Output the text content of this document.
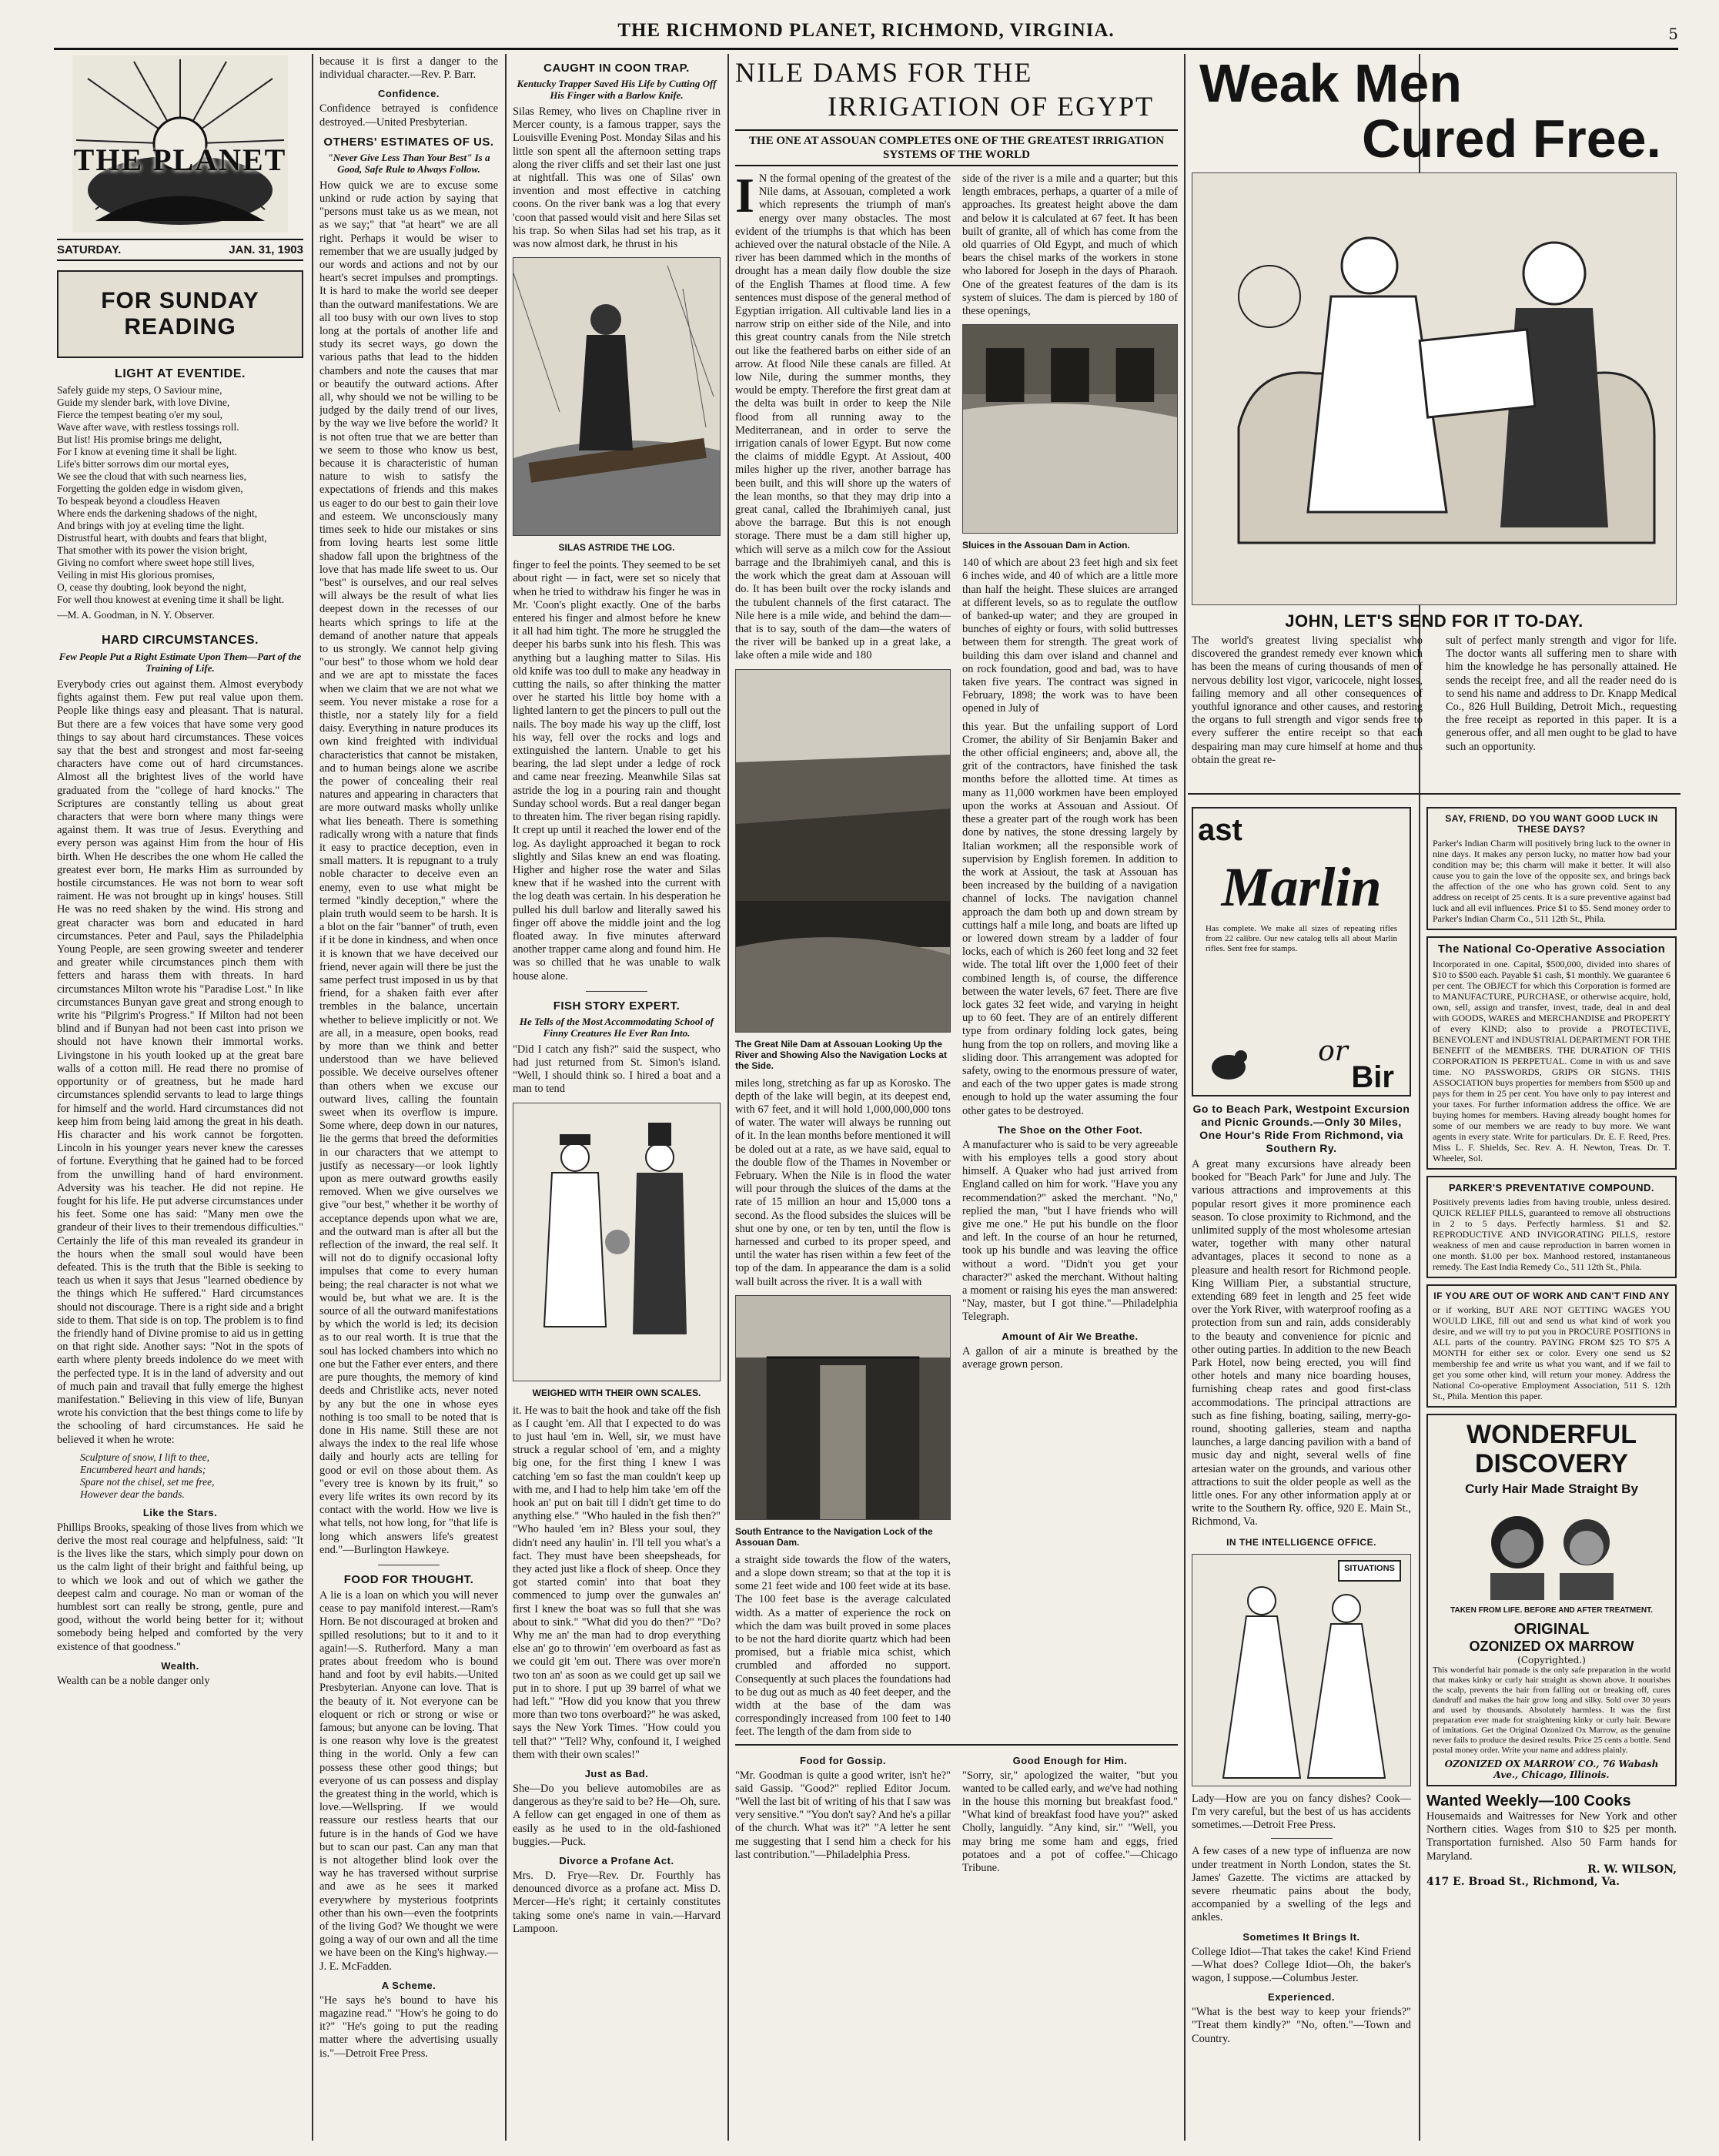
THE RICHMOND PLANET, RICHMOND, VIRGINIA.	5
THE PLANET
SATURDAY.	JAN. 31, 1903
FOR SUNDAY READING
LIGHT AT EVENTIDE.
Safely guide my steps, O Saviour mine,
Guide my slender bark, with love Divine,
Fierce the tempest beating o'er my soul,
Wave after wave, with restless tossings roll.
But list! His promise brings me delight,
For I know at evening time it shall be light.
Life's bitter sorrows dim our mortal eyes,
We see the cloud that with such nearness lies,
Forgetting the golden edge in wisdom given,
To bespeak beyond a cloudless Heaven
Where ends the darkening shadows of the night,
And brings with joy at eveling time the light.
Distrustful heart, with doubts and fears that blight,
That smother with its power the vision bright,
Giving no comfort where sweet hope still lives,
Veiling in mist His glorious promises,
O, cease thy doubting, look beyond the night,
For well thou knowest at evening time it shall be light.
—M. A. Goodman, in N. Y. Observer.
HARD CIRCUMSTANCES.
Few People Put a Right Estimate Upon Them—Part of the Training of Life.

Everybody cries out against them. Almost everybody fights against them. Few put real value upon them. People like things easy and pleasant. That is natural. But there are a few voices that have some very good things to say about hard circumstances. These voices say that the best and strongest and most far-seeing characters have come out of hard circumstances. Almost all the brightest lives of the world have graduated from the "college of hard knocks." The Scriptures are constantly telling us about great characters that were born where many things were against them. It was true of Jesus. Everything and every person was against Him from the hour of His birth. When He describes the one whom He called the greatest ever born, He marks Him as surrounded by hostile circumstances. He was not born to wear soft raiment. He was not brought up in kings' houses. Still He was no reed shaken by the wind. His strong and great character was born and educated in hard circumstances. Peter and Paul, says the Philadelphia Young People, are seen growing sweeter and tenderer and greater while circumstances pinch them with fetters and harass them with threats. In hard circumstances Milton wrote his "Paradise Lost." In like circumstances Bunyan gave great and strong enough to write his "Pilgrim's Progress." If Milton had not been blind and if Bunyan had not been cast into prison we should not have known their immortal works. Livingstone in his youth looked up at the great bare walls of a cotton mill. He read there no promise of opportunity or of greatness, but he made hard circumstances splendid servants to lead to large things for himself and the world. Hard circumstances did not keep him from being laid among the great in his death. His character and his work cannot be forgotten. Lincoln in his younger years never knew the caresses of fortune. Everything that he gained had to be forced from the unwilling hand of hard environment. Adversity was his teacher. He did not repine. He fought for his life. He put adverse circumstances under his feet. Some one has said: "Many men owe the grandeur of their lives to their tremendous difficulties." Certainly the life of this man revealed its grandeur in the hours when the small soul would have been defeated. This is the truth that the Bible is seeking to teach us when it says that Jesus "learned obedience by the things which He suffered." Hard circumstances should not discourage. There is a right side and a bright side to them. That side is on top. The problem is to find the friendly hand of Divine promise to aid us in getting on that right side. Another says: "Not in the spots of earth where plenty breeds indolence do we meet with the perfected type. It is in the land of adversity and out of much pain and travail that fully emerge the highest manifestation." Believing in this view of life, Bunyan wrote his conviction that the best things come to life by the schooling of hard circumstances. He said he believed it when he wrote:

Sculpture of snow, I lift to thee,
Encumbered heart and hands;
Spare not the chisel, set me free,
However dear the bands.
Like the Stars.

Phillips Brooks, speaking of those lives from which we derive the most real courage and helpfulness, said: "It is the lives like the stars, which simply pour down on us the calm light of their bright and faithful being, up to which we look and out of which we gather the deepest calm and courage. No man or woman of the humblest sort can really be strong, gentle, pure and good, without the world being better for it; without somebody being helped and comforted by the very existence of that goodness."

Wealth.

Wealth can be a noble danger only

because it is first a danger to the individual character.—Rev. P. Barr.

Confidence.

Confidence betrayed is confidence destroyed.—United Presbyterian.

OTHERS' ESTIMATES OF US.
"Never Give Less Than Your Best" Is a Good, Safe Rule to Always Follow.

How quick we are to excuse some unkind or rude action by saying that "persons must take us as we mean, not as we say;" that "at heart" we are all right. Perhaps it would be wiser to remember that we are usually judged by our words and actions and not by our heart's secret impulses and promptings. It is hard to make the world see deeper than the outward manifestations. We are all too busy with our own lives to stop long at the portals of another life and study its secret ways, go down the various paths that lead to the hidden chambers and note the causes that mar or beautify the outward actions. After all, why should we not be willing to be judged by the daily trend of our lives, by the way we live before the world? It is not often true that we are better than we seem to those who know us best, because it is characteristic of human nature to wish to satisfy the expectations of friends and this makes us eager to do our best to gain their love and esteem. We unconsciously many times seek to hide our mistakes or sins from loving hearts lest some little shadow fall upon the brightness of the love that has made life sweet to us. Our "best" is ourselves, and our real selves will always be the result of what lies deepest down in the recesses of our hearts which springs to life at the demand of another nature that appeals to us strongly. We cannot help giving "our best" to those whom we hold dear and we are apt to misstate the faces when we claim that we are not what we seem. You never mistake a rose for a thistle, nor a stately lily for a field daisy. Everything in nature produces its own kind freighted with individual characteristics that cannot be mistaken, and to human beings alone we ascribe the power of concealing their real natures and appearing in characters that are more outward masks wholly unlike what lies beneath. There is something radically wrong with a nature that finds it easy to practice deception, even in small matters. It is repugnant to a truly noble character to deceive even an enemy, even to use what might be termed "kindly deception," where the plain truth would seem to be harsh. It is a blot on the fair "banner" of truth, even if it be done in kindness, and when once it is known that we have deceived our friend, never again will there be just the same perfect trust imposed in us by that friend, for a shaken faith ever after trembles in the balance, uncertain whether to believe implicitly or not. We are all, in a measure, open books, read by more than we think and better understood than we have believed possible. We deceive ourselves oftener than others when we excuse our outward lives, calling the fountain sweet when its overflow is impure. Some where, deep down in our natures, lie the germs that breed the deformities in our characters that we attempt to justify as necessary—or look lightly upon as mere outward growths easily removed. When we give ourselves we give "our best," whether it be worthy of acceptance depends upon what we are, and the outward man is after all but the reflection of the inward, the real self. It will not do to dignify occasional lofty impulses that come to every human being; the real character is not what we would be, but what we are. It is the source of all the outward manifestations by which the world is led; its decision as to our real worth. It is true that the soul has locked chambers into which no one but the Father ever enters, and there are pure thoughts, the memory of kind deeds and Christlike acts, never noted by any but the one in whose eyes nothing is too small to be noted that is done in His name. Still these are not always the index to the real life whose daily and hourly acts are telling for good or evil on those about them. As "every tree is known by its fruit," so every life writes its own record by its contact with the world. How we live is what tells, not how long, for "that life is long which answers life's greatest end."—Burlington Hawkeye.

FOOD FOR THOUGHT.

A lie is a loan on which you will never cease to pay manifold interest.—Ram's Horn. Be not discouraged at broken and spilled resolutions; but to it and to it again!—S. Rutherford. Many a man prates about freedom who is bound hand and foot by evil habits.—United Presbyterian. Anyone can love. That is the beauty of it. Not everyone can be eloquent or rich or strong or wise or famous; but anyone can be loving. That is one reason why love is the greatest thing in the world. Only a few can possess these other good things; but everyone of us can possess and display the greatest thing in the world, which is love.—Wellspring. If we would reassure our restless hearts that our future is in the hands of God we have but to scan our past. Can any man that is not altogether blind look over the way he has traversed without surprise and awe as he sees it marked everywhere by mysterious footprints other than his own—even the footprints of the living God? We thought we were going a way of our own and all the time we have been on the King's highway.—J. E. McFadden.

A Scheme.

"He says he's bound to have his magazine read." "How's he going to do it?" "He's going to put the reading matter where the advertising usually is."—Detroit Free Press.

CAUGHT IN COON TRAP.
Kentucky Trapper Saved His Life by Cutting Off His Finger with a Barlow Knife.

Silas Remey, who lives on Chapline river in Mercer county, is a famous trapper, says the Louisville Evening Post. Monday Silas and his little son spent all the afternoon setting traps along the river cliffs and set their last one just at nightfall. This was one of Silas' own invention and most effective in catching coons. On the river bank was a log that every 'coon that passed would visit and here Silas set his trap. So when Silas had set his trap, as it was now almost dark, he thrust in his

SILAS ASTRIDE THE LOG.

finger to feel the points. They seemed to be set about right — in fact, were set so nicely that when he tried to withdraw his finger he was in Mr. 'Coon's plight exactly. One of the barbs entered his finger and almost before he knew it all had him tight. The more he struggled the deeper his barbs sunk into his flesh. This was anything but a laughing matter to Silas. His old knife was too dull to make any headway in cutting the nails, so after thinking the matter over he started his little boy home with a lighted lantern to get the pincers to pull out the nails. The boy made his way up the cliff, lost his way, fell over the rocks and logs and extinguished the lantern. Unable to get his bearing, the lad slept under a ledge of rock and came near freezing. Meanwhile Silas sat astride the log in a pouring rain and thought Sunday school words. But a real danger began to threaten him. The river began rising rapidly. It crept up until it reached the lower end of the log. As daylight approached it began to rock slightly and Silas knew an end was floating. Higher and higher rose the water and Silas knew that if he washed into the current with the log death was certain. In his desperation he pulled his dull barlow and literally sawed his finger off above the middle joint and the log floated away. In five minutes afterward another trapper came along and found him. He was so chilled that he was unable to walk house alone.

FISH STORY EXPERT.
He Tells of the Most Accommodating School of Finny Creatures He Ever Ran Into.

"Did I catch any fish?" said the suspect, who had just returned from St. Simon's island. "Well, I should think so. I hired a boat and a man to tend

WEIGHED WITH THEIR OWN SCALES.

it. He was to bait the hook and take off the fish as I caught 'em. All that I expected to do was to just haul 'em in. Well, sir, we must have struck a regular school of 'em, and a mighty big one, for the first thing I knew I was catching 'em so fast the man couldn't keep up with me, and I had to help him take 'em off the hook an' put on bait till I didn't get time to do anything else." "Who hauled in the fish then?" "Who hauled 'em in? Bless your soul, they didn't need any haulin' in. I'll tell you what's a fact. They must have been sheepsheads, for they acted just like a flock of sheep. Once they got started comin' into that boat they commenced to jump over the gunwales an' first I knew the boat was so full that she was about to sink." "What did you do then?" "Do? Why me an' the man had to drop everything else an' go to throwin' 'em overboard as fast as we could git 'em out. There was over more'n two ton an' as soon as we could get up sail we put in to shore. I put up 39 barrel of what we had left." "How did you know that you threw more than two tons overboard?" he was asked, says the New York Times. "How could you tell that?" "Tell? Why, confound it, I weighed them with their own scales!"

Just as Bad.

She—Do you believe automobiles are as dangerous as they're said to be? He—Oh, sure. A fellow can get engaged in one of them as easily as he used to in the old-fashioned buggies.—Puck.

Divorce a Profane Act.

Mrs. D. Frye—Rev. Dr. Fourthly has denounced divorce as a profane act. Miss D. Mercer—He's right; it certainly constitutes taking some one's name in vain.—Harvard Lampoon.

NILE DAMS FOR THE
IRRIGATION OF EGYPT
THE ONE AT ASSOUAN COMPLETES ONE OF THE GREATEST IRRIGATION SYSTEMS OF THE WORLD
I N the formal opening of the greatest of the Nile dams, at Assouan, completed a work which represents the triumph of man's energy over many obstacles. The most evident of the triumphs is that which has been achieved over the natural obstacle of the Nile. A river has been dammed which in the months of drought has a mean daily flow double the size of the English Thames at flood time. A few sentences must dispose of the general method of Egyptian irrigation. All cultivable land lies in a narrow strip on either side of the Nile, and into this great country canals from the Nile stretch out like the feathered barbs on either side of an arrow. At flood Nile these canals are filled. At low Nile, during the summer months, they would be empty. Therefore the first great dam at the delta was built in order to keep the Nile flood from all running away to the Mediterranean, and in order to serve the irrigation canals of lower Egypt. But now come the claims of middle Egypt. At Assiout, 400 miles higher up the river, another barrage has been built, and this will shore up the waters of the lean months, so that they may drip into a great canal, called the Ibrahimiyeh canal, just above the barrage. But this is not enough storage. There must be a dam still higher up, which will serve as a milch cow for the Assiout barrage and the Ibrahimiyeh canal, and this is the work which the great dam at Assouan will do. It has been built over the rocky islands and the tubulent channels of the first cataract. The Nile here is a mile wide, and behind the dam—that is to say, south of the dam—the waters of the river will be banked up in a great lake, a lake often a mile wide and 180

The Great Nile Dam at Assouan Looking Up the River and Showing Also the Navigation Locks at the Side.

miles long, stretching as far up as Korosko. The depth of the lake will begin, at its deepest end, with 67 feet, and it will hold 1,000,000,000 tons of water. The water will always be running out of it. In the lean months before mentioned it will be doled out at a rate, as we have said, equal to the double flow of the Thames in November or February. When the Nile is in flood the water will pour through the sluices of the dams at the rate of 15 million an hour and 15,000 tons a second. As the flood subsides the sluices will be shut one by one, or ten by ten, until the flow is harnessed and curbed to its proper speed, and until the water has risen within a few feet of the top of the dam. In appearance the dam is a solid wall built across the river. It is a wall with

South Entrance to the Navigation Lock of the Assouan Dam.

a straight side towards the flow of the waters, and a slope down stream; so that at the top it is some 21 feet wide and 100 feet wide at its base. The 100 feet base is the average calculated width. As a matter of experience the rock on which the dam was built proved in some places to be not the hard diorite quartz which had been promised, but a friable mica schist, which crumbled and afforded no support. Consequently at such places the foundations had to be dug out as much as 40 feet deeper, and the width at the base of the dam was correspondingly increased from 100 feet to 140 feet. The length of the dam from side to

side of the river is a mile and a quarter; but this length embraces, perhaps, a quarter of a mile of approaches. Its greatest height above the dam and below it is calculated at 67 feet. It has been built of granite, all of which has come from the old quarries of Old Egypt, and much of which bears the chisel marks of the workers in stone who labored for Joseph in the days of Pharaoh. One of the greatest features of the dam is its system of sluices. The dam is pierced by 180 of these openings,

Sluices in the Assouan Dam in Action.

140 of which are about 23 feet high and six feet 6 inches wide, and 40 of which are a little more than half the height. These sluices are arranged at different levels, so as to regulate the outflow of banked-up water; and they are grouped in bunches of eighty or fours, with solid buttresses between them for strength. The great work of building this dam over island and channel and on rock foundation, good and bad, was to have taken five years. The contract was signed in February, 1898; the work was to have been opened in July of

this year. But the unfailing support of Lord Cromer, the ability of Sir Benjamin Baker and the other official engineers; and, above all, the grit of the contractors, have finished the task months before the allotted time. At times as many as 11,000 workmen have been employed upon the works at Assouan and Assiout. Of these a greater part of the rough work has been done by natives, the stone dressing largely by Italian workmen; all the responsible work of supervision by English foremen. In addition to the work at Assiout, the task at Assouan has been increased by the building of a navigation channel of locks. The navigation channel approach the dam both up and down stream by cuttings half a mile long, and boats are lifted up or lowered down stream by a ladder of four locks, each of which is 260 feet long and 32 feet wide. The total lift over the 1,000 feet of their combined length is, of course, the difference between the water levels, 67 feet. There are five lock gates 32 feet wide, and varying in height up to 60 feet. They are of an entirely different type from ordinary folding lock gates, being hung from the top on rollers, and moving like a sliding door. This arrangement was adopted for safety, owing to the enormous pressure of water, and each of the two upper gates is made strong enough to hold up the water assuming the four other gates to be destroyed.

The Shoe on the Other Foot.

A manufacturer who is said to be very agreeable with his employes tells a good story about himself. A Quaker who had just arrived from England called on him for work. "Have you any recommendation?" asked the merchant. "No," replied the man, "but I have friends who will give me one." He put his bundle on the floor and left. In the course of an hour he returned, took up his bundle and was leaving the office without a word. "Didn't you get your character?" asked the merchant. Without halting a moment or raising his eyes the man answered: "Nay, master, but I got thine."—Philadelphia Telegraph.

Amount of Air We Breathe.

A gallon of air a minute is breathed by the average grown person.

Food for Gossip.

"Mr. Goodman is quite a good writer, isn't he?" said Gassip. "Good?" replied Editor Jocum. "Well the last bit of writing of his that I saw was very sensitive." "You don't say? And he's a pillar of the church. What was it?" "A letter he sent me suggesting that I send him a check for his last contribution."—Philadelphia Press.

Good Enough for Him.

"Sorry, sir," apologized the waiter, "but you wanted to be called early, and we've had nothing in the house this morning but breakfast food." "What kind of breakfast food have you?" asked Cholly, languidly. "Any kind, sir." "Well, you may bring me some ham and eggs, fried potatoes and a pot of coffee."—Chicago Tribune.

Weak Men
Cured Free.
JOHN, LET'S SEND FOR IT TO-DAY.

The world's greatest living specialist who discovered the grandest remedy ever known which has been the means of curing thousands of men of nervous debility lost vigor, varicocele, night losses, failing memory and all other consequences of youthful ignorance and other causes, and restoring the organs to full strength and vigor sends free to every sufferer the entire receipt so that each despairing man may cure himself at home and thus obtain the great re-

sult of perfect manly strength and vigor for life. The doctor wants all suffering men to share with him the knowledge he has personally attained. He sends the receipt free, and all the reader need do is to send his name and address to Dr. Knapp Medical Co., 826 Hull Building, Detroit Mich., requesting the free receipt as reported in this paper. It is a generous offer, and all men ought to be glad to have such an opportunity.

ast
Marlin

Has complete. We make all sizes of repeating rifles from 22 calibre. Our new catalog tells all about Marlin rifles. Sent free for stamps.

or
Bir
Go to Beach Park, Westpoint Excursion and Picnic Grounds.—Only 30 Miles, One Hour's Ride From Richmond, via Southern Ry.

A great many excursions have already been booked for "Beach Park" for June and July. The various attractions and improvements at this popular resort gives it more prominence each season. To close proximity to Richmond, and the unlimited supply of the most wholesome artesian water, together with many other natural advantages, places it second to none as a pleasure and health resort for Richmond people. King William Pier, a substantial structure, extending 689 feet in length and 25 feet wide over the York River, with waterproof roofing as a protection from sun and rain, adds considerably to the beauty and convenience for picnic and other outing parties. In addition to the new Beach Park Hotel, now being erected, you will find other hotels and many nice boarding houses, furnishing cheap rates and good first-class accommodations. The principal attractions are such as fine fishing, boating, sailing, merry-go-round, shooting galleries, steam and naptha launches, a large dancing pavilion with a band of music day and night, several wells of fine artesian water on the grounds, and various other attractions to suit the older people as well as the little ones. For any other information apply at or write to the Southern Ry. office, 920 E. Main St., Richmond, Va.

IN THE INTELLIGENCE OFFICE.
SITUATIONS

Lady—How are you on fancy dishes? Cook—I'm very careful, but the best of us has accidents sometimes.—Detroit Free Press.

A few cases of a new type of influenza are now under treatment in North London, states the St. James' Gazette. The victims are attacked by severe rheumatic pains about the body, accompanied by a swelling of the legs and ankles.

Sometimes It Brings It.

College Idiot—That takes the cake! Kind Friend—What does? College Idiot—Oh, the baker's wagon, I suppose.—Columbus Jester.

Experienced.

"What is the best way to keep your friends?" "Treat them kindly?" "No, often."—Town and Country.

SAY, FRIEND, DO YOU WANT GOOD LUCK IN THESE DAYS?

Parker's Indian Charm will positively bring luck to the owner in nine days. It makes any person lucky, no matter how bad your condition may be; this charm will make it better. It will also cause you to gain the love of the opposite sex, and brings back the affection of the one who has grown cold. Sent to any address on receipt of 25 cents. It is a sure preventive against bad luck and all evil influences. Price $1 to $5. Send money order to Parker's Indian Charm Co., 511 12th St., Phila.

The National Co-Operative Association

Incorporated in one. Capital, $500,000, divided into shares of $10 to $500 each. Payable $1 cash, $1 monthly. We guarantee 6 per cent. The OBJECT for which this Corporation is formed are to MANUFACTURE, PURCHASE, or otherwise acquire, hold, own, sell, assign and transfer, invest, trade, deal in and deal with GOODS, WARES and MERCHANDISE and PROPERTY of every KIND; also to provide a PROTECTIVE, BENEVOLENT and INDUSTRIAL DEPARTMENT FOR THE BENEFIT of the MEMBERS. THE DURATION OF THIS CORPORATION IS PERPETUAL. Come in with us and save time. NO PASSWORDS, GRIPS OR SIGNS. THIS ASSOCIATION buys properties for members from $500 up and pays for them in 25 per cent. You have only to pay interest and your taxes. For further information address the office. We are buying homes for members. Having already bought homes for some of our members we are ready to buy more. We want agents in every state. Write for particulars. Dr. E. F. Reed, Pres. Miss L. F. Shields, Sec. Rev. A. H. Newton, Treas. Dr. T. Wheeler, Sol.

PARKER'S PREVENTATIVE COMPOUND.

Positively prevents ladies from having trouble, unless desired. QUICK RELIEF PILLS, guaranteed to remove all obstructions in 2 to 5 days. Perfectly harmless. $1 and $2. REPRODUCTIVE AND INVIGORATING PILLS, restore weakness of men and cause reproduction in barren women in one month. $1.00 per box. Manhood restored, instantaneous remedy. The East India Remedy Co., 511 12th St., Phila.

IF YOU ARE OUT OF WORK AND CAN'T FIND ANY

or if working, BUT ARE NOT GETTING WAGES YOU WOULD LIKE, fill out and send us what kind of work you desire, and we will try to put you in PROCURE POSITIONS in ALL parts of the country. PAYING FROM $25 TO $75 A MONTH for either sex or color. Every one send us $2 membership fee and write us what you want, and if we fail to get you some other kind, will return your money. Address the National Co-operative Employment Association, 511 S. 12th St., Phila. Mention this paper.

WONDERFUL
DISCOVERY
Curly Hair Made Straight By
TAKEN FROM LIFE. BEFORE AND AFTER TREATMENT.
ORIGINAL
OZONIZED OX MARROW
(Copyrighted.)

This wonderful hair pomade is the only safe preparation in the world that makes kinky or curly hair straight as shown above. It nourishes the scalp, prevents the hair from falling out or breaking off, cures dandruff and makes the hair grow long and silky. Sold over 30 years and used by thousands. Absolutely harmless. It was the first preparation ever made for straightening kinky or curly hair. Beware of imitations. Get the Original Ozonized Ox Marrow, as the genuine never fails to produce the desired results. Price 25 cents a bottle. Send postal money order. Write your name and address plainly.

OZONIZED OX MARROW CO., 76 Wabash Ave., Chicago, Illinois.
Wanted Weekly—100 Cooks

Housemaids and Waitresses for New York and other Northern cities. Wages from $10 to $25 per month. Transportation furnished. Also 50 Farm hands for Maryland.

R. W. WILSON,
417 E. Broad St., Richmond, Va.
